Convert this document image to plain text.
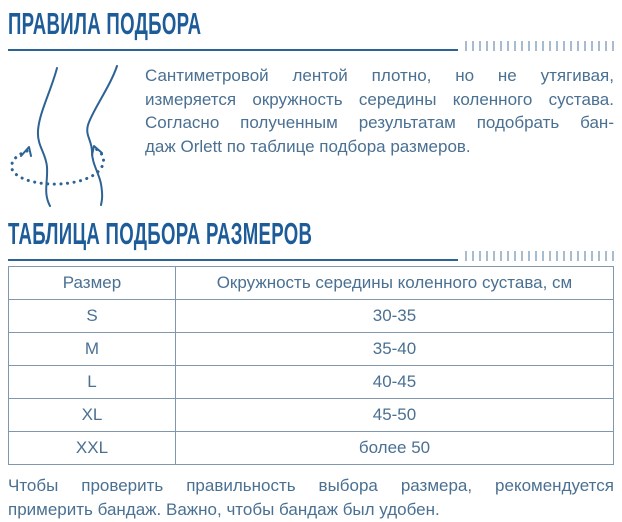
ПРАВИЛА ПОДБОРА
Сантиметровой лентой плотно, но не утягивая,
измеряется окружность середины коленного сустава.
Согласно полученным результатам подобрать бан-
даж Orlett по таблице подбора размеров.
ТАБЛИЦА ПОДБОРА РАЗМЕРОВ
Размер	Окружность середины коленного сустава, см
S	30-35
M	35-40
L	40-45
XL	45-50
XXL	более 50
Чтобы проверить правильность выбора размера, рекомендуется
примерить бандаж. Важно, чтобы бандаж был удобен.
